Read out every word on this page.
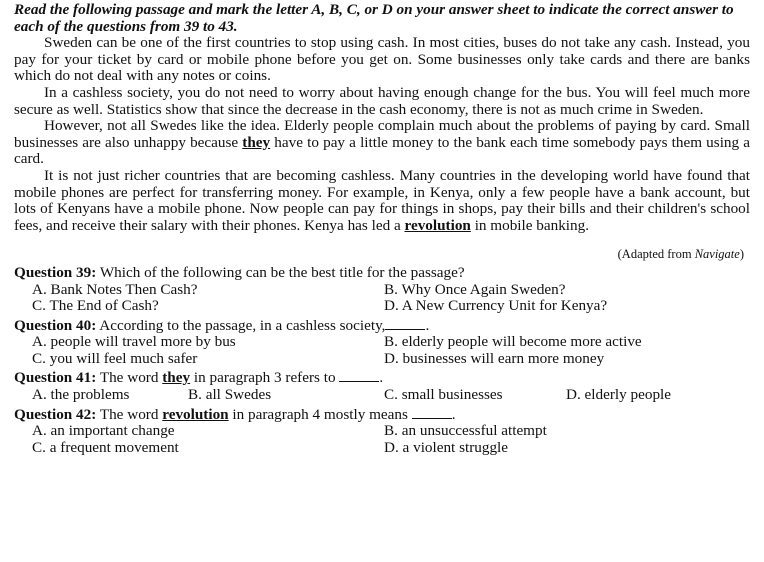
Read the following passage and mark the letter A, B, C, or D on your answer sheet to indicate the correct answer to each of the questions from 39 to 43.

Sweden can be one of the first countries to stop using cash. In most cities, buses do not take any cash. Instead, you pay for your ticket by card or mobile phone before you get on. Some businesses only take cards and there are banks which do not deal with any notes or coins.

In a cashless society, you do not need to worry about having enough change for the bus. You will feel much more secure as well. Statistics show that since the decrease in the cash economy, there is not as much crime in Sweden.

However, not all Swedes like the idea. Elderly people complain much about the problems of paying by card. Small businesses are also unhappy because they have to pay a little money to the bank each time somebody pays them using a card.

It is not just richer countries that are becoming cashless. Many countries in the developing world have found that mobile phones are perfect for transferring money. For example, in Kenya, only a few people have a bank account, but lots of Kenyans have a mobile phone. Now people can pay for things in shops, pay their bills and their children's school fees, and receive their salary with their phones. Kenya has led a revolution in mobile banking.

(Adapted from Navigate)

Question 39: Which of the following can be the best title for the passage?

A. Bank Notes Then Cash?	B. Why Once Again Sweden?
C. The End of Cash?	D. A New Currency Unit for Kenya?

Question 40: According to the passage, in a cashless society,	.

A. people will travel more by bus	B. elderly people will become more active
C. you will feel much safer	D. businesses will earn more money

Question 41: The word they in paragraph 3 refers to	.

A. the problems	B. all Swedes	C. small businesses	D. elderly people

Question 42: The word revolution in paragraph 4 mostly means	.

A. an important change	B. an unsuccessful attempt
C. a frequent movement	D. a violent struggle
